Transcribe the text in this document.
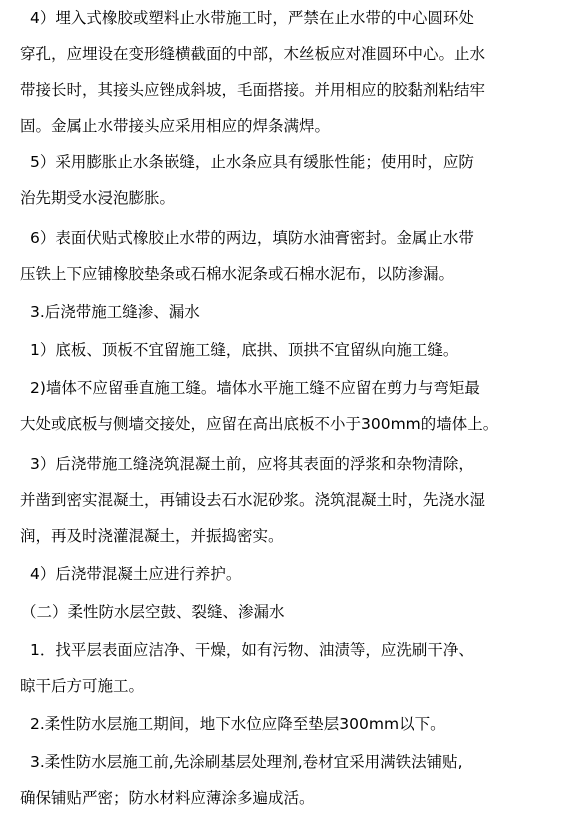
4）埋入式橡胶或塑料止水带施工时，严禁在止水带的中心圆环处
穿孔，应埋设在变形缝横截面的中部，木丝板应对准圆环中心。止水
带接长时，其接头应锉成斜坡，毛面搭接。并用相应的胶黏剂粘结牢
固。金属止水带接头应采用相应的焊条满焊。
5）采用膨胀止水条嵌缝，止水条应具有缓胀性能；使用时，应防
治先期受水浸泡膨胀。
6）表面伏贴式橡胶止水带的两边，填防水油膏密封。金属止水带
压铁上下应铺橡胶垫条或石棉水泥条或石棉水泥布，以防渗漏。
3.后浇带施工缝渗、漏水
1）底板、顶板不宜留施工缝，底拱、顶拱不宜留纵向施工缝。
2)墙体不应留垂直施工缝。墙体水平施工缝不应留在剪力与弯矩最
大处或底板与侧墙交接处，应留在高出底板不小于300mm的墙体上。
3）后浇带施工缝浇筑混凝土前，应将其表面的浮浆和杂物清除，
并凿到密实混凝土，再铺设去石水泥砂浆。浇筑混凝土时，先浇水湿
润，再及时浇灌混凝土，并振捣密实。
4）后浇带混凝土应进行养护。
（二）柔性防水层空鼓、裂缝、渗漏水
1．找平层表面应洁净、干燥，如有污物、油渍等，应洗刷干净、
晾干后方可施工。
2.柔性防水层施工期间，地下水位应降至垫层300mm以下。
3.柔性防水层施工前,先涂刷基层处理剂,卷材宜采用满铁法铺贴,
确保铺贴严密；防水材料应薄涂多遍成活。
